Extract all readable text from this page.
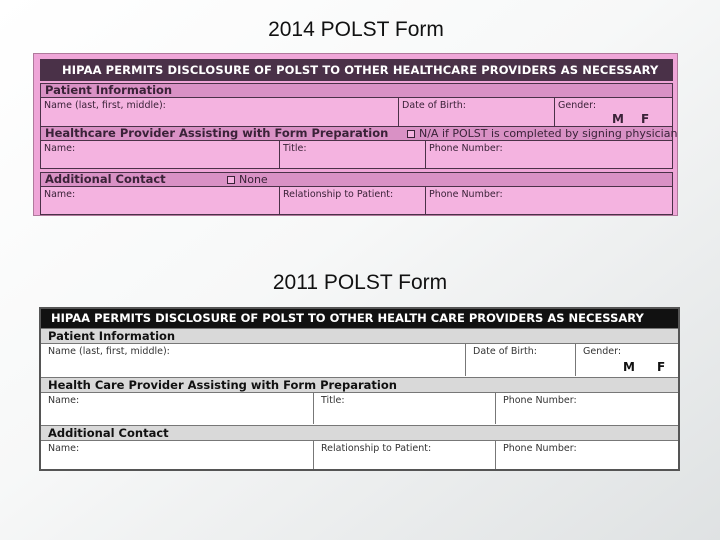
2014 POLST Form
HIPAA PERMITS DISCLOSURE OF POLST TO OTHER HEALTHCARE PROVIDERS AS NECESSARY
Patient Information
Name (last, first, middle):	Date of Birth:	Gender:
M F
Healthcare Provider Assisting with Form Preparation	N/A if POLST is completed by signing physician
Name:	Title:	Phone Number:
Additional Contact	None
Name:	Relationship to Patient:	Phone Number:
2011 POLST Form
HIPAA PERMITS DISCLOSURE OF POLST TO OTHER HEALTH CARE PROVIDERS AS NECESSARY
Patient Information
Name (last, first, middle):	Date of Birth:	Gender:
M F
Health Care Provider Assisting with Form Preparation
Name:	Title:	Phone Number:
Additional Contact
Name:	Relationship to Patient:	Phone Number:
